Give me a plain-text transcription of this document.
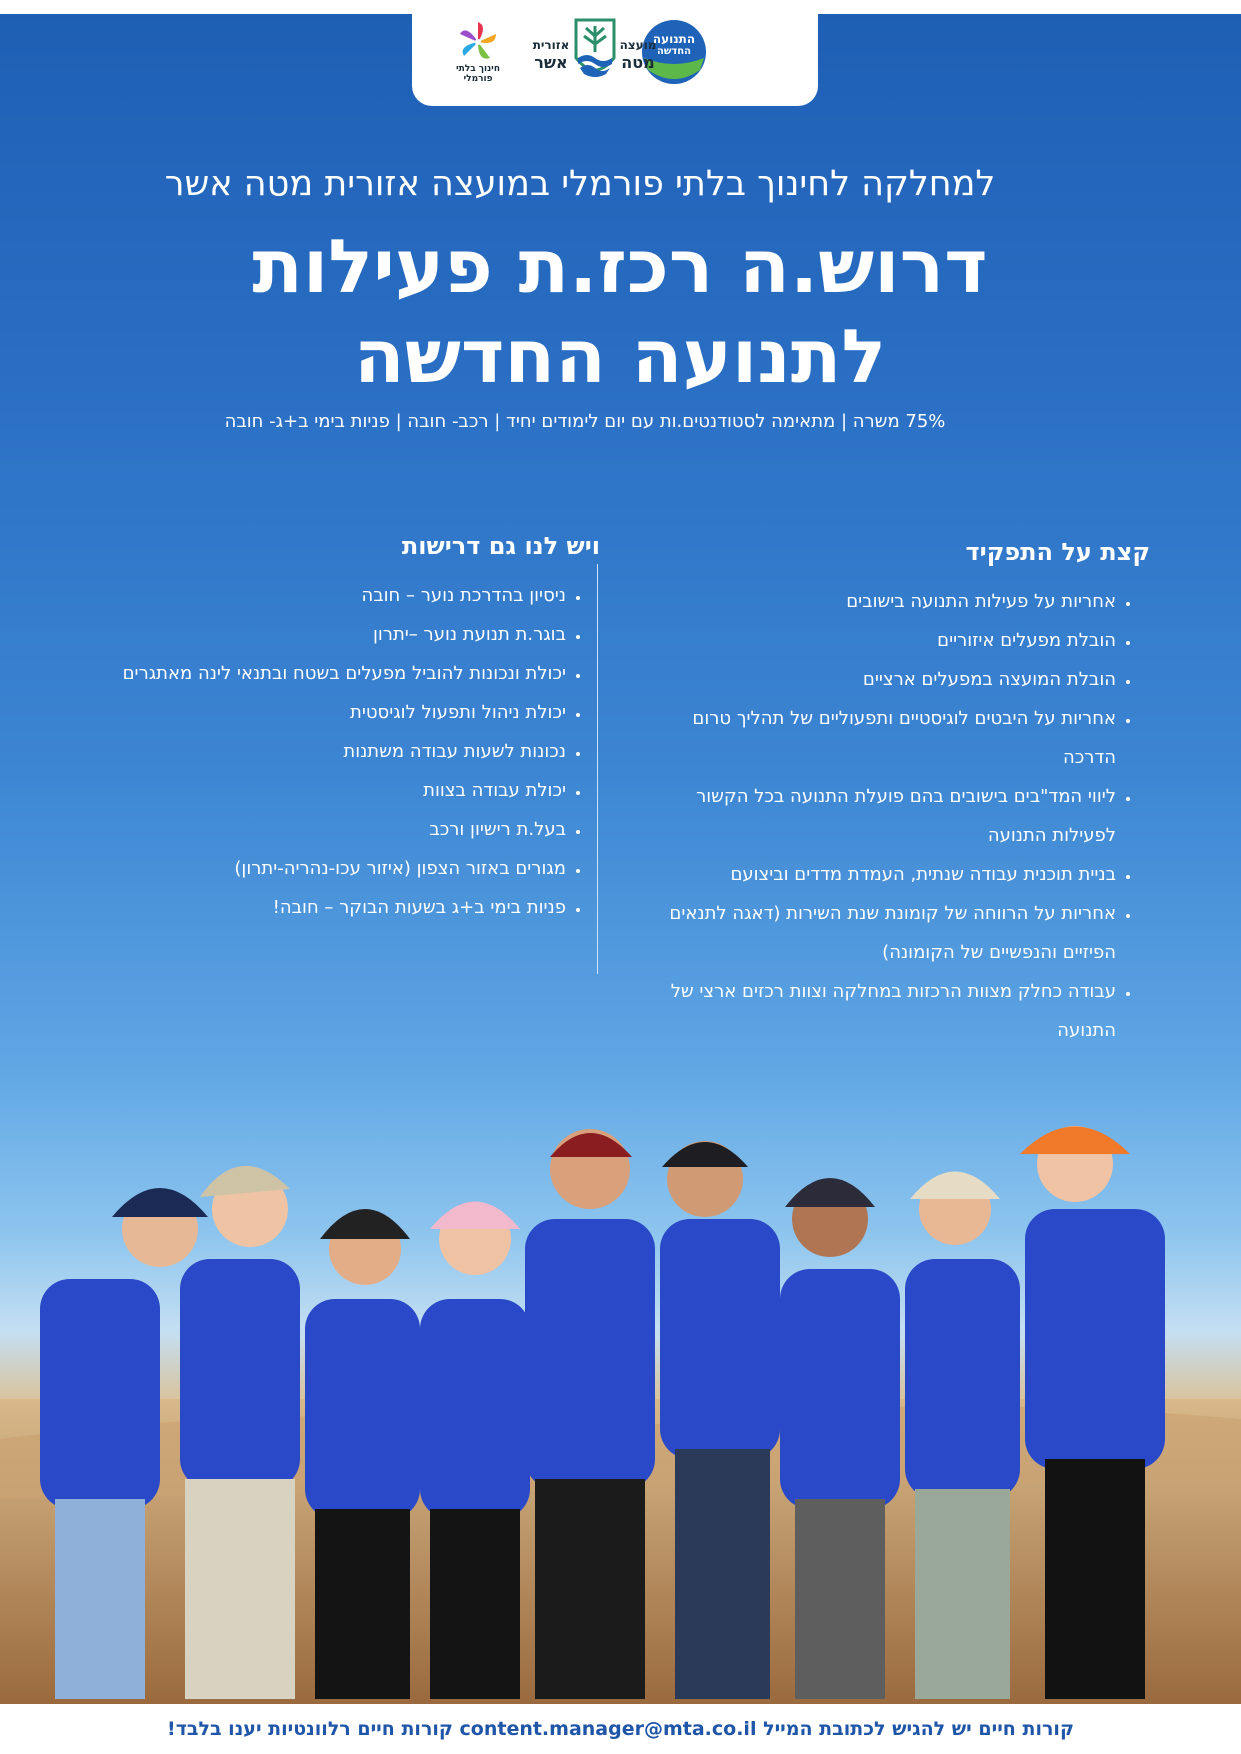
התנועה
החדשה
אזורית
אשר
מועצה
מטה
חינוך בלתי
פורמלי
למחלקה לחינוך בלתי פורמלי במועצה אזורית מטה אשר
דרוש.ה רכז.ת פעילות
לתנועה החדשה
75% משרה | מתאימה לסטודנטים.ות עם יום לימודים יחיד | רכב- חובה | פניות בימי ב+ג- חובה
קצת על התפקיד
• אחריות על פעילות התנועה בישובים
• הובלת מפעלים איזוריים
• הובלת המועצה במפעלים ארציים
• אחריות על היבטים לוגיסטיים ותפעוליים של תהליך טרום הדרכה
• ליווי המד"בים בישובים בהם פועלת התנועה בכל הקשור לפעילות התנועה
• בניית תוכנית עבודה שנתית, העמדת מדדים וביצועם
• אחריות על הרווחה של קומונת שנת השירות (דאגה לתנאים הפיזיים והנפשיים של הקומונה)
• עבודה כחלק מצוות הרכזות במחלקה וצוות רכזים ארצי של התנועה
ויש לנו גם דרישות
• ניסיון בהדרכת נוער – חובה
• בוגר.ת תנועת נוער –יתרון
• יכולת ונכונות להוביל מפעלים בשטח ובתנאי לינה מאתגרים
• יכולת ניהול ותפעול לוגיסטית
• נכונות לשעות עבודה משתנות
• יכולת עבודה בצוות
• בעל.ת רישיון ורכב
• מגורים באזור הצפון (איזור עכו-נהריה-יתרון)
• פניות בימי ב+ג בשעות הבוקר – חובה!
קורות חיים יש להגיש לכתובת המייל content.manager@mta.co.il קורות חיים רלוונטיות יענו בלבד!
